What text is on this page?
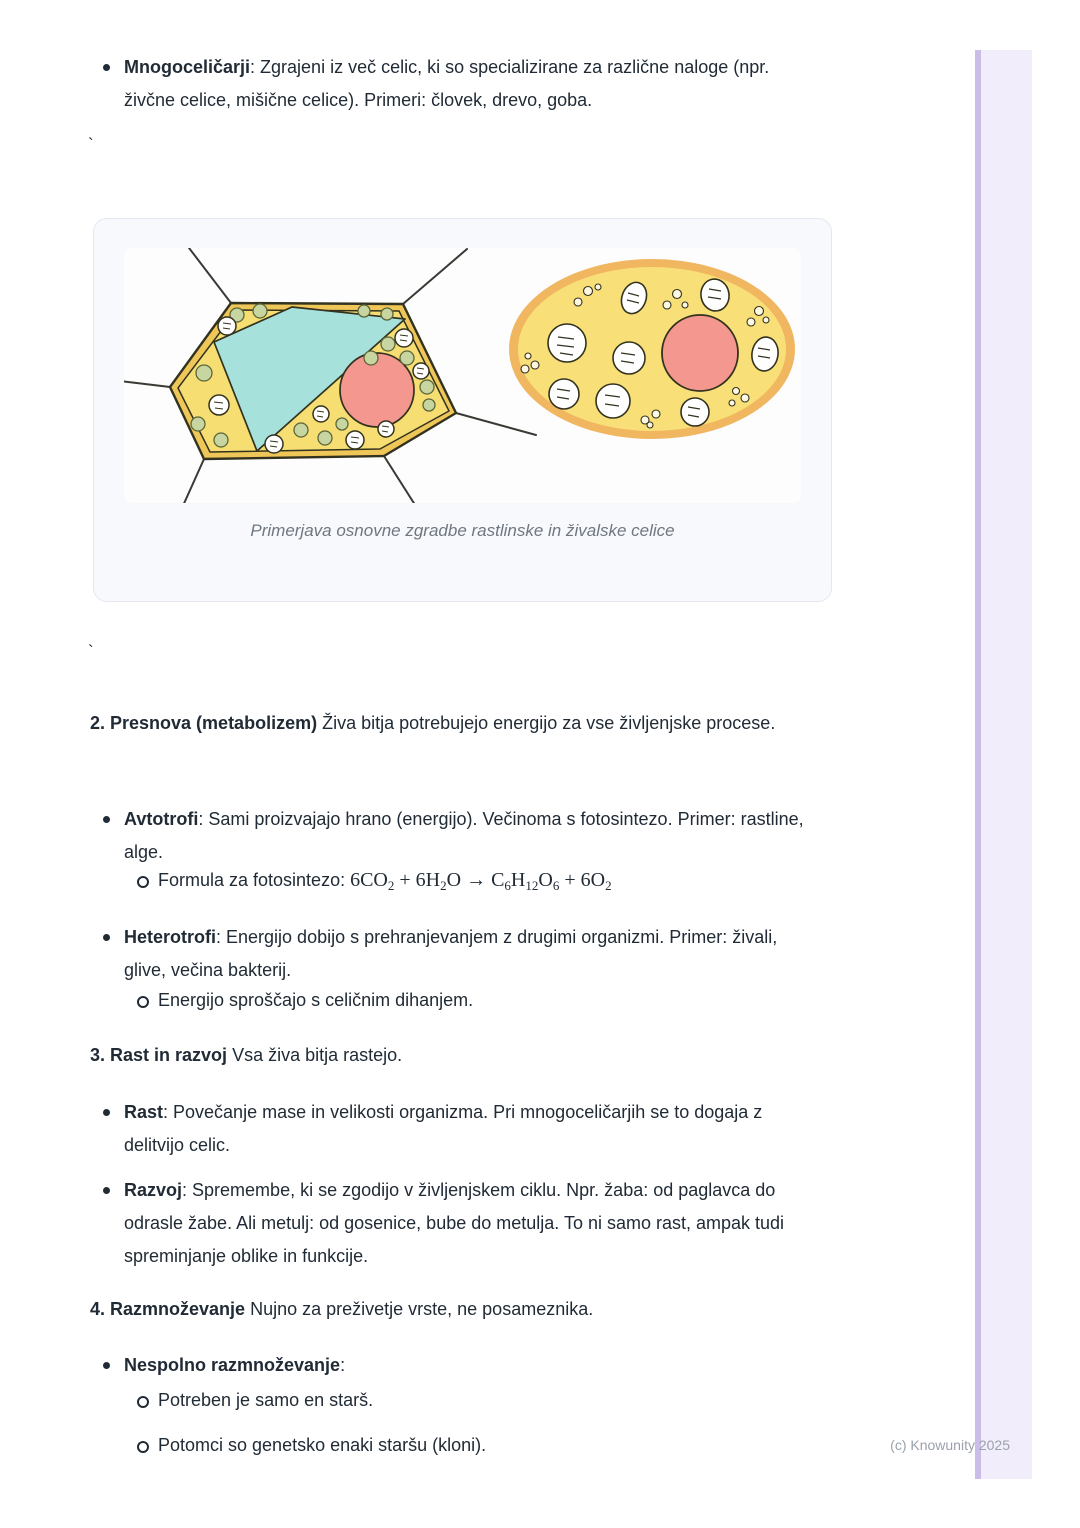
Mnogoceličarji: Zgrajeni iz več celic, ki so specializirane za različne naloge (npr. živčne celice, mišične celice). Primeri: človek, drevo, goba.
`
Primerjava osnovne zgradbe rastlinske in živalske celice
`
2. Presnova (metabolizem) Živa bitja potrebujejo energijo za vse življenjske procese.
Avtotrofi: Sami proizvajajo hrano (energijo). Večinoma s fotosintezo. Primer: rastline, alge.
Formula za fotosintezo: $6CO_2 + 6H_2O \to C_6H_{12}O_6 + 6O_2$
Heterotrofi: Energijo dobijo s prehranjevanjem z drugimi organizmi. Primer: živali, glive, večina bakterij.
Energijo sproščajo s celičnim dihanjem.
3. Rast in razvoj Vsa živa bitja rastejo.
Rast: Povečanje mase in velikosti organizma. Pri mnogoceličarjih se to dogaja z delitvijo celic.
Razvoj: Spremembe, ki se zgodijo v življenjskem ciklu. Npr. žaba: od paglavca do odrasle žabe. Ali metulj: od gosenice, bube do metulja. To ni samo rast, ampak tudi spreminjanje oblike in funkcije.
4. Razmnoževanje Nujno za preživetje vrste, ne posameznika.
Nespolno razmnoževanje:
Potreben je samo en starš.
Potomci so genetsko enaki staršu (kloni).	(c) Knowunity 2025
